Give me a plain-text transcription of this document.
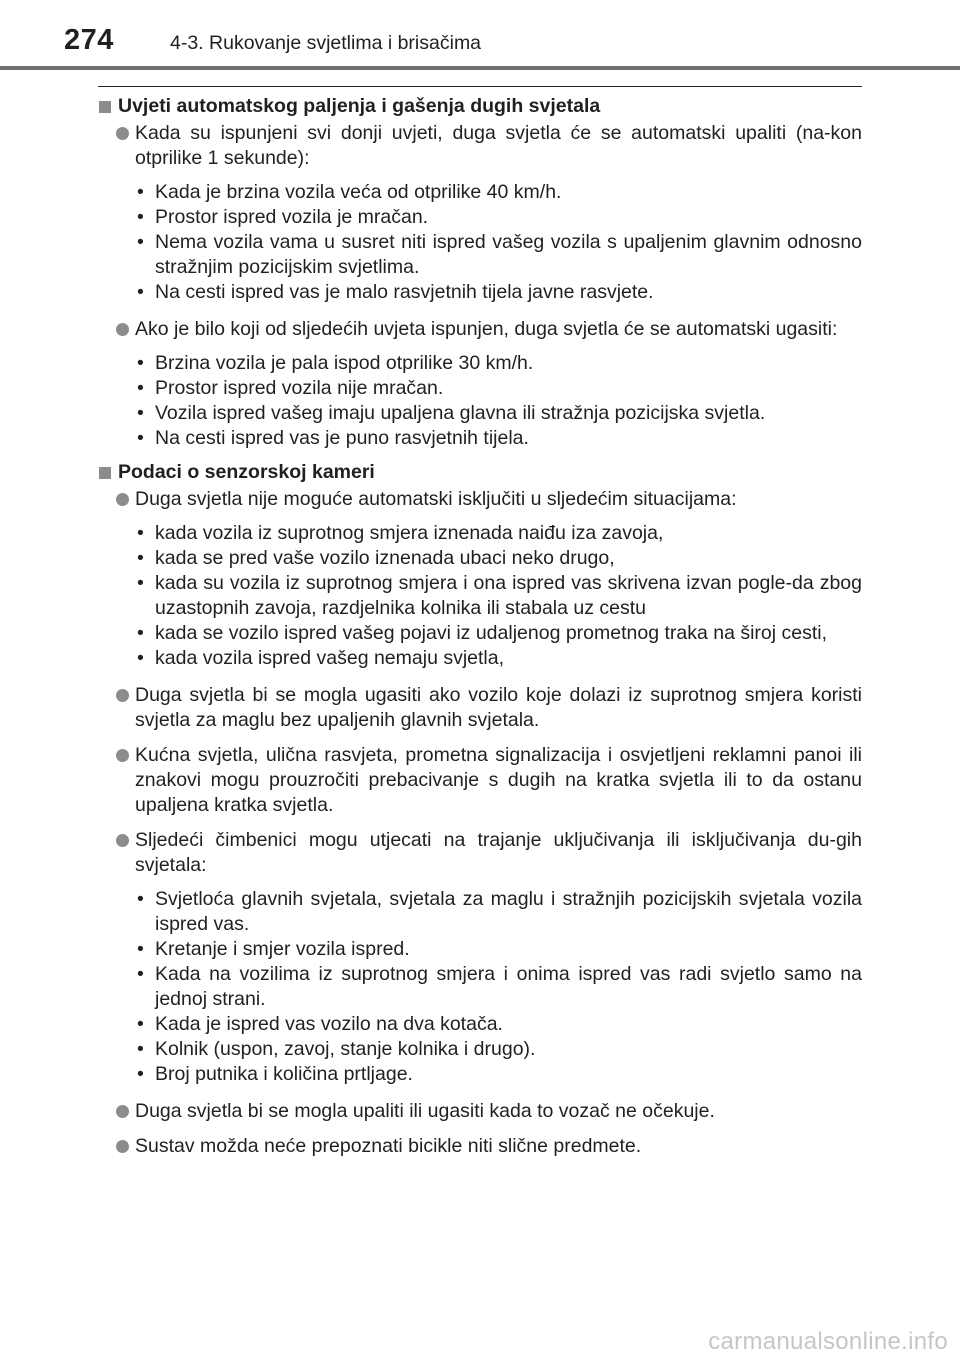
274	4-3. Rukovanje svjetlima i brisačima
Uvjeti automatskog paljenja i gašenja dugih svjetala
Kada su ispunjeni svi donji uvjeti, duga svjetla će se automatski upaliti (na-kon otprilike 1 sekunde):
• Kada je brzina vozila veća od otprilike 40 km/h.
• Prostor ispred vozila je mračan.
• Nema vozila vama u susret niti ispred vašeg vozila s upaljenim glavnim odnosno stražnjim pozicijskim svjetlima.
• Na cesti ispred vas je malo rasvjetnih tijela javne rasvjete.
Ako je bilo koji od sljedećih uvjeta ispunjen, duga svjetla će se automatski ugasiti:
• Brzina vozila je pala ispod otprilike 30 km/h.
• Prostor ispred vozila nije mračan.
• Vozila ispred vašeg imaju upaljena glavna ili stražnja pozicijska svjetla.
• Na cesti ispred vas je puno rasvjetnih tijela.
Podaci o senzorskoj kameri
Duga svjetla nije moguće automatski isključiti u sljedećim situacijama:
• kada vozila iz suprotnog smjera iznenada naiđu iza zavoja,
• kada se pred vaše vozilo iznenada ubaci neko drugo,
• kada su vozila iz suprotnog smjera i ona ispred vas skrivena izvan pogle-da zbog uzastopnih zavoja, razdjelnika kolnika ili stabala uz cestu
• kada se vozilo ispred vašeg pojavi iz udaljenog prometnog traka na široj cesti,
• kada vozila ispred vašeg nemaju svjetla,
Duga svjetla bi se mogla ugasiti ako vozilo koje dolazi iz suprotnog smjera koristi svjetla za maglu bez upaljenih glavnih svjetala.
Kućna svjetla, ulična rasvjeta, prometna signalizacija i osvjetljeni reklamni panoi ili znakovi mogu prouzročiti prebacivanje s dugih na kratka svjetla ili to da ostanu upaljena kratka svjetla.
Sljedeći čimbenici mogu utjecati na trajanje uključivanja ili isključivanja du-gih svjetala:
• Svjetloća glavnih svjetala, svjetala za maglu i stražnjih pozicijskih svjetala vozila ispred vas.
• Kretanje i smjer vozila ispred.
• Kada na vozilima iz suprotnog smjera i onima ispred vas radi svjetlo samo na jednoj strani.
• Kada je ispred vas vozilo na dva kotača.
• Kolnik (uspon, zavoj, stanje kolnika i drugo).
• Broj putnika i količina prtljage.
Duga svjetla bi se mogla upaliti ili ugasiti kada to vozač ne očekuje.
Sustav možda neće prepoznati bicikle niti slične predmete.
carmanualsonline.info
